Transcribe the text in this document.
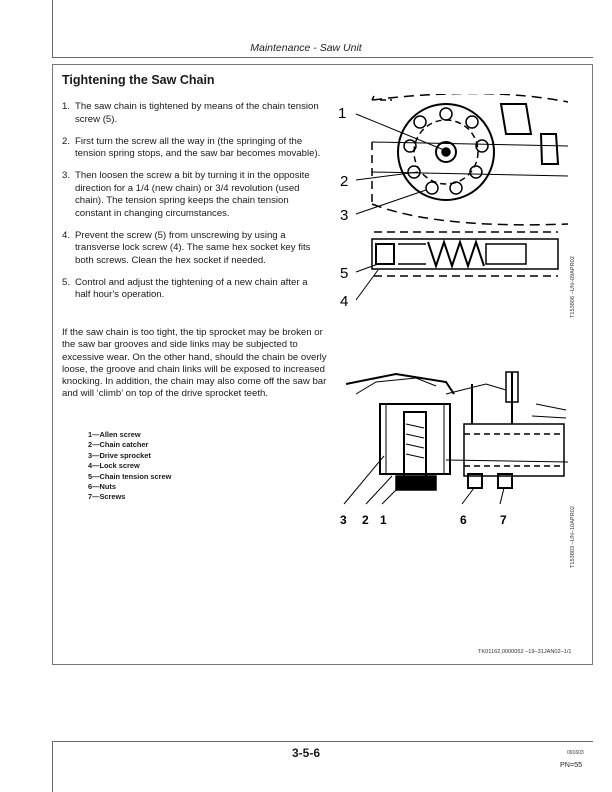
Maintenance - Saw Unit
Tightening the Saw Chain
1. The saw chain is tightened by means of the chain tension screw (5).
2. First turn the screw all the way in (the springing of the tension spring stops, and the saw bar becomes movable).
3. Then loosen the screw a bit by turning it in the opposite direction for a 1/4 (new chain) or 3/4 revolution (used chain). The tension spring keeps the chain tension constant in changing circumstances.
4. Prevent the screw (5) from unscrewing by using a transverse lock screw (4). The same hex socket key fits both screws. Clean the hex socket if needed.
5. Control and adjust the tightening of a new chain after a half hour's operation.

If the saw chain is too tight, the tip sprocket may be broken or the saw bar grooves and side links may be subjected to excessive wear. On the other hand, should the chain be overly loose, the groove and chain links will be exposed to increased knocking. In addition, the chain may also come off the saw bar and will ‘climb’ on top of the drive sprocket teeth.

1—Allen screw
2—Chain catcher
3—Drive sprocket
4—Lock screw
5—Chain tension screw
6—Nuts
7—Screws
1
2
3
5
4	T153806 –UN–09APR02
3 2 1	6	7	T153803 –UN–10APR02
TK01162,0000052 –19–31JAN02–1/1
3-5-6	091603
PN=55
